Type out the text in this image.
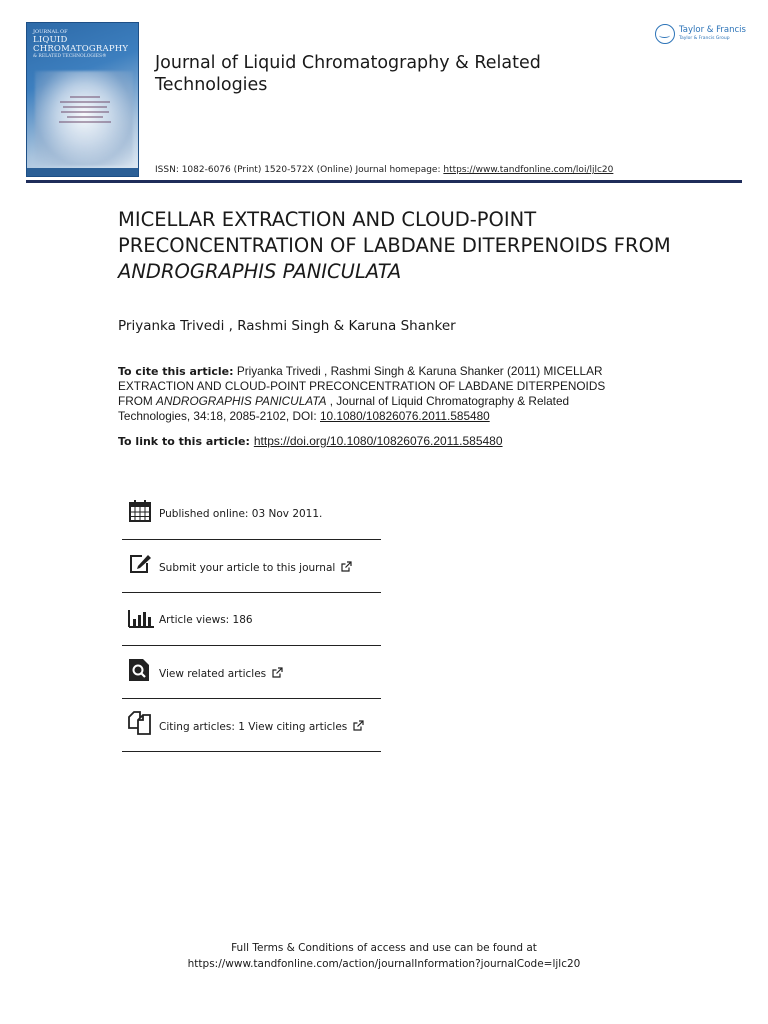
JOURNAL OF
LIQUID
CHROMATOGRAPHY
& RELATED TECHNOLOGIES®	Journal of Liquid Chromatography & Related Technologies
Taylor & Francis
Taylor & Francis Group
ISSN: 1082-6076 (Print) 1520-572X (Online) Journal homepage: https://www.tandfonline.com/loi/ljlc20
MICELLAR EXTRACTION AND CLOUD-POINT PRECONCENTRATION OF LABDANE DITERPENOIDS FROM ANDROGRAPHIS PANICULATA
Priyanka Trivedi , Rashmi Singh & Karuna Shanker
To cite this article: Priyanka Trivedi , Rashmi Singh & Karuna Shanker (2011) MICELLAR EXTRACTION AND CLOUD-POINT PRECONCENTRATION OF LABDANE DITERPENOIDS FROM ANDROGRAPHIS PANICULATA , Journal of Liquid Chromatography & Related Technologies, 34:18, 2085-2102, DOI: 10.1080/10826076.2011.585480
To link to this article: https://doi.org/10.1080/10826076.2011.585480
Published online: 03 Nov 2011.
Submit your article to this journal
Article views: 186
View related articles
Citing articles: 1 View citing articles
Full Terms & Conditions of access and use can be found at
https://www.tandfonline.com/action/journalInformation?journalCode=ljlc20
